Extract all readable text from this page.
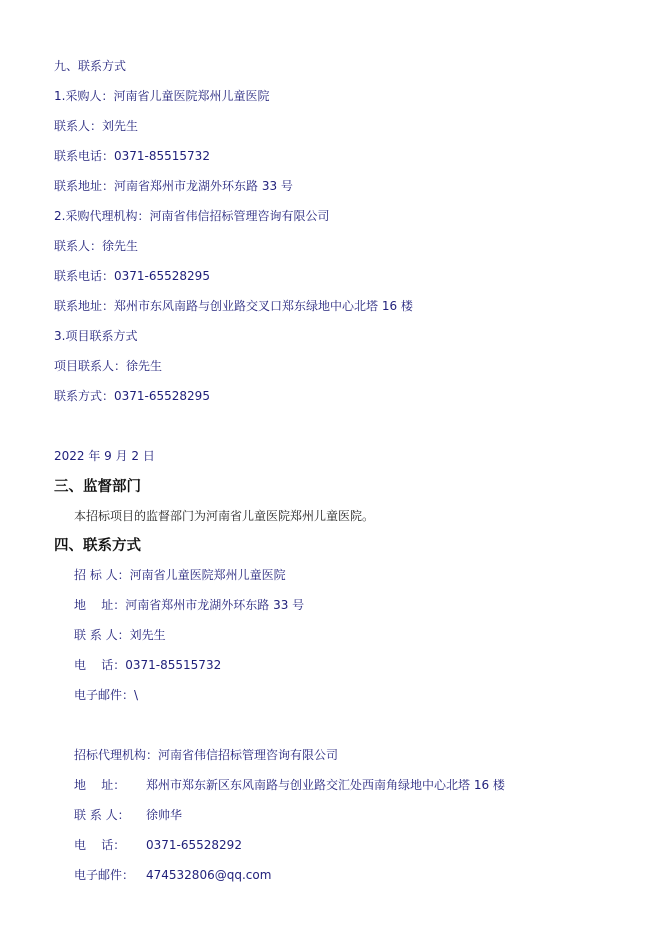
九、联系方式
1.采购人：河南省儿童医院郑州儿童医院
联系人：刘先生
联系电话：0371-85515732
联系地址：河南省郑州市龙湖外环东路 33 号
2.采购代理机构：河南省伟信招标管理咨询有限公司
联系人：徐先生
联系电话：0371-65528295
联系地址：郑州市东风南路与创业路交叉口郑东绿地中心北塔 16 楼
3.项目联系方式
项目联系人：徐先生
联系方式：0371-65528295
2022 年 9 月 2 日
三、监督部门
本招标项目的监督部门为河南省儿童医院郑州儿童医院。
四、联系方式
招 标 人：河南省儿童医院郑州儿童医院
地    址：河南省郑州市龙湖外环东路 33 号
联 系 人：刘先生
电    话：0371-85515732
电子邮件：\
招标代理机构：河南省伟信招标管理咨询有限公司
地    址： 郑州市郑东新区东风南路与创业路交汇处西南角绿地中心北塔 16 楼
联 系 人： 徐帅华
电    话： 0371-65528292
电子邮件： 474532806@qq.com
